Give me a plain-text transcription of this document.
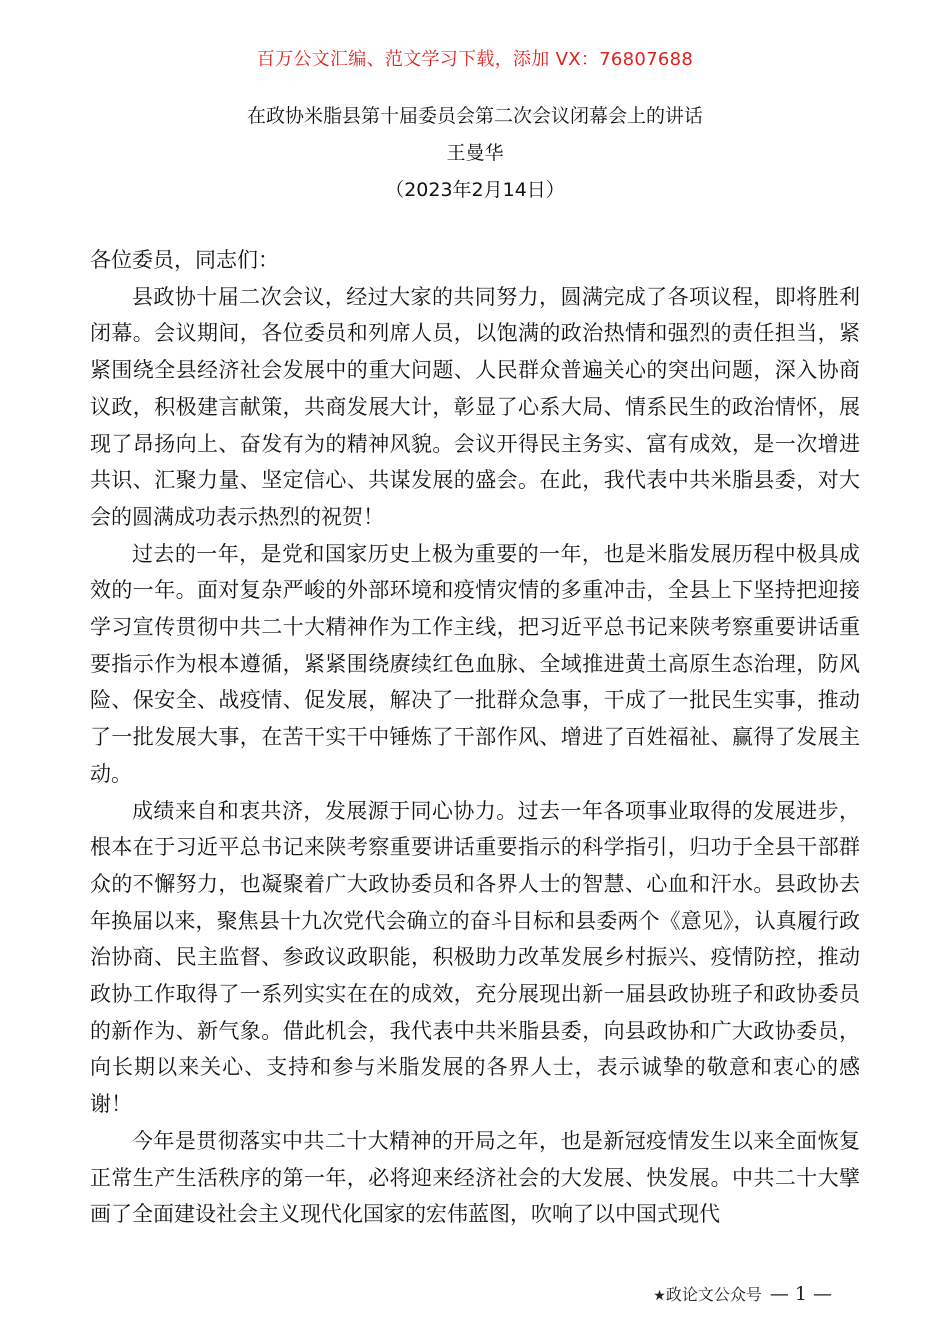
百万公文汇编、范文学习下载，添加 VX：76807688
在政协米脂县第十届委员会第二次会议闭幕会上的讲话
王曼华
（2023年2月14日）

各位委员，同志们：

县政协十届二次会议，经过大家的共同努力，圆满完成了各项议程，即将胜利闭幕。会议期间，各位委员和列席人员，以饱满的政治热情和强烈的责任担当，紧紧围绕全县经济社会发展中的重大问题、人民群众普遍关心的突出问题，深入协商议政，积极建言献策，共商发展大计，彰显了心系大局、情系民生的政治情怀，展现了昂扬向上、奋发有为的精神风貌。会议开得民主务实、富有成效，是一次增进共识、汇聚力量、坚定信心、共谋发展的盛会。在此，我代表中共米脂县委，对大会的圆满成功表示热烈的祝贺！

过去的一年，是党和国家历史上极为重要的一年，也是米脂发展历程中极具成效的一年。面对复杂严峻的外部环境和疫情灾情的多重冲击，全县上下坚持把迎接学习宣传贯彻中共二十大精神作为工作主线，把习近平总书记来陕考察重要讲话重要指示作为根本遵循，紧紧围绕赓续红色血脉、全域推进黄土高原生态治理，防风险、保安全、战疫情、促发展，解决了一批群众急事，干成了一批民生实事，推动了一批发展大事，在苦干实干中锤炼了干部作风、增进了百姓福祉、赢得了发展主动。

成绩来自和衷共济，发展源于同心协力。过去一年各项事业取得的发展进步，根本在于习近平总书记来陕考察重要讲话重要指示的科学指引，归功于全县干部群众的不懈努力，也凝聚着广大政协委员和各界人士的智慧、心血和汗水。县政协去年换届以来，聚焦县十九次党代会确立的奋斗目标和县委两个《意见》，认真履行政治协商、民主监督、参政议政职能，积极助力改革发展乡村振兴、疫情防控，推动政协工作取得了一系列实实在在的成效，充分展现出新一届县政协班子和政协委员的新作为、新气象。借此机会，我代表中共米脂县委，向县政协和广大政协委员，向长期以来关心、支持和参与米脂发展的各界人士，表示诚挚的敬意和衷心的感谢！

今年是贯彻落实中共二十大精神的开局之年，也是新冠疫情发生以来全面恢复正常生产生活秩序的第一年，必将迎来经济社会的大发展、快发展。中共二十大擘画了全面建设社会主义现代化国家的宏伟蓝图，吹响了以中国式现代

★政论文公众号 — 1 —
